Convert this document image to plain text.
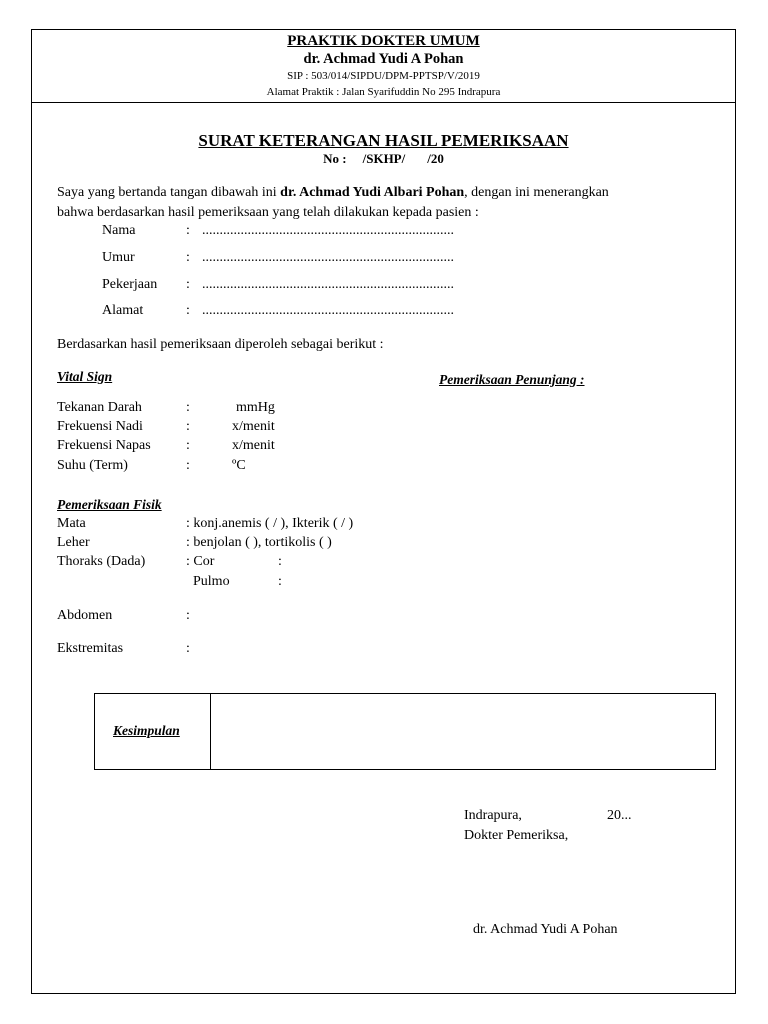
PRAKTIK DOKTER UMUM
dr. Achmad Yudi A Pohan
SIP : 503/014/SIPDU/DPM-PPTSP/V/2019
Alamat Praktik : Jalan Syarifuddin No 295 Indrapura
SURAT KETERANGAN HASIL PEMERIKSAAN
No : /SKHP/ /20
Saya yang bertanda tangan dibawah ini dr. Achmad Yudi Albari Pohan, dengan ini menerangkan
bahwa berdasarkan hasil pemeriksaan yang telah dilakukan kepada pasien :
Nama	: ........................................................................
Umur	: ........................................................................
Pekerjaan : ........................................................................
Alamat	: ........................................................................
Berdasarkan hasil pemeriksaan diperoleh sebagai berikut :
Vital Sign	Pemeriksaan Penunjang :
Tekanan Darah	:	mmHg
Frekuensi Nadi	:	x/menit
Frekuensi Napas	:	x/menit
Suhu (Term)	:	ºC
Pemeriksaan Fisik
Mata	: konj.anemis ( / ), Ikterik ( / )
Leher	: benjolan ( ), tortikolis ( )
Thoraks (Dada)	: Cor	:
Pulmo	:
Abdomen	:
Ekstremitas	:
Kesimpulan
Indrapura,	20...
Dokter Pemeriksa,
dr. Achmad Yudi A Pohan
